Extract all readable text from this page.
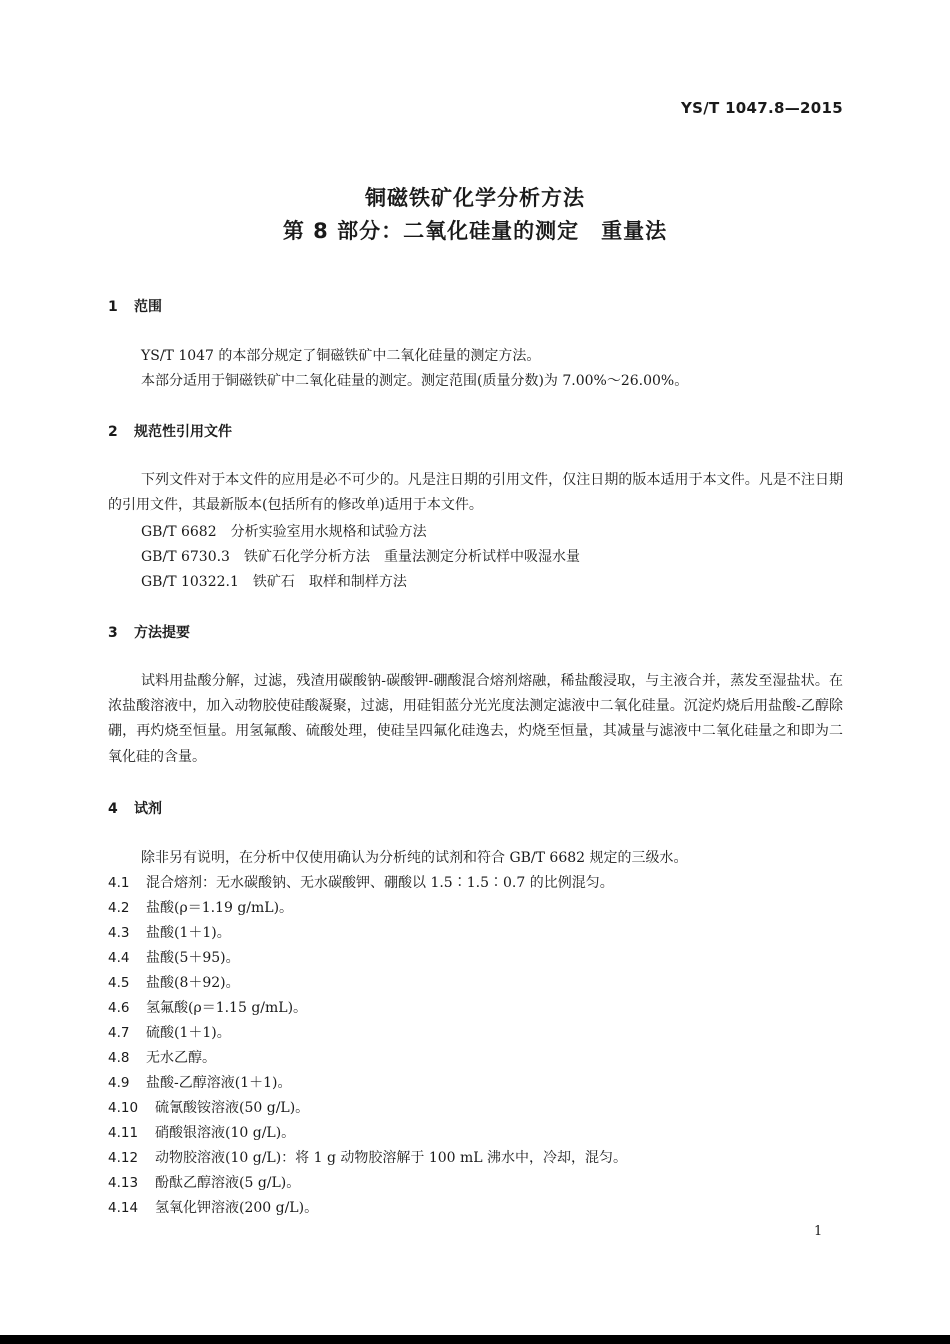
YS/T 1047.8—2015
铜磁铁矿化学分析方法
第 8 部分：二氧化硅量的测定　重量法
1 范围
YS/T 1047 的本部分规定了铜磁铁矿中二氧化硅量的测定方法。
本部分适用于铜磁铁矿中二氧化硅量的测定。测定范围(质量分数)为 7.00%～26.00%。
2 规范性引用文件

下列文件对于本文件的应用是必不可少的。凡是注日期的引用文件，仅注日期的版本适用于本文件。凡是不注日期的引用文件，其最新版本(包括所有的修改单)适用于本文件。

GB/T 6682　分析实验室用水规格和试验方法
GB/T 6730.3　铁矿石化学分析方法　重量法测定分析试样中吸湿水量
GB/T 10322.1　铁矿石　取样和制样方法
3 方法提要

试料用盐酸分解，过滤，残渣用碳酸钠-碳酸钾-硼酸混合熔剂熔融，稀盐酸浸取，与主液合并，蒸发至湿盐状。在浓盐酸溶液中，加入动物胶使硅酸凝聚，过滤，用硅钼蓝分光光度法测定滤液中二氧化硅量。沉淀灼烧后用盐酸-乙醇除硼，再灼烧至恒量。用氢氟酸、硫酸处理，使硅呈四氟化硅逸去，灼烧至恒量，其减量与滤液中二氧化硅量之和即为二氧化硅的含量。

4 试剂
除非另有说明，在分析中仅使用确认为分析纯的试剂和符合 GB/T 6682 规定的三级水。
4.1 混合熔剂：无水碳酸钠、无水碳酸钾、硼酸以 1.5∶1.5∶0.7 的比例混匀。
4.2 盐酸(ρ＝1.19 g/mL)。
4.3 盐酸(1＋1)。
4.4 盐酸(5＋95)。
4.5 盐酸(8＋92)。
4.6 氢氟酸(ρ＝1.15 g/mL)。
4.7 硫酸(1＋1)。
4.8 无水乙醇。
4.9 盐酸-乙醇溶液(1＋1)。
4.10 硫氰酸铵溶液(50 g/L)。
4.11 硝酸银溶液(10 g/L)。
4.12 动物胶溶液(10 g/L)：将 1 g 动物胶溶解于 100 mL 沸水中，冷却，混匀。
4.13 酚酞乙醇溶液(5 g/L)。
4.14 氢氧化钾溶液(200 g/L)。
1
